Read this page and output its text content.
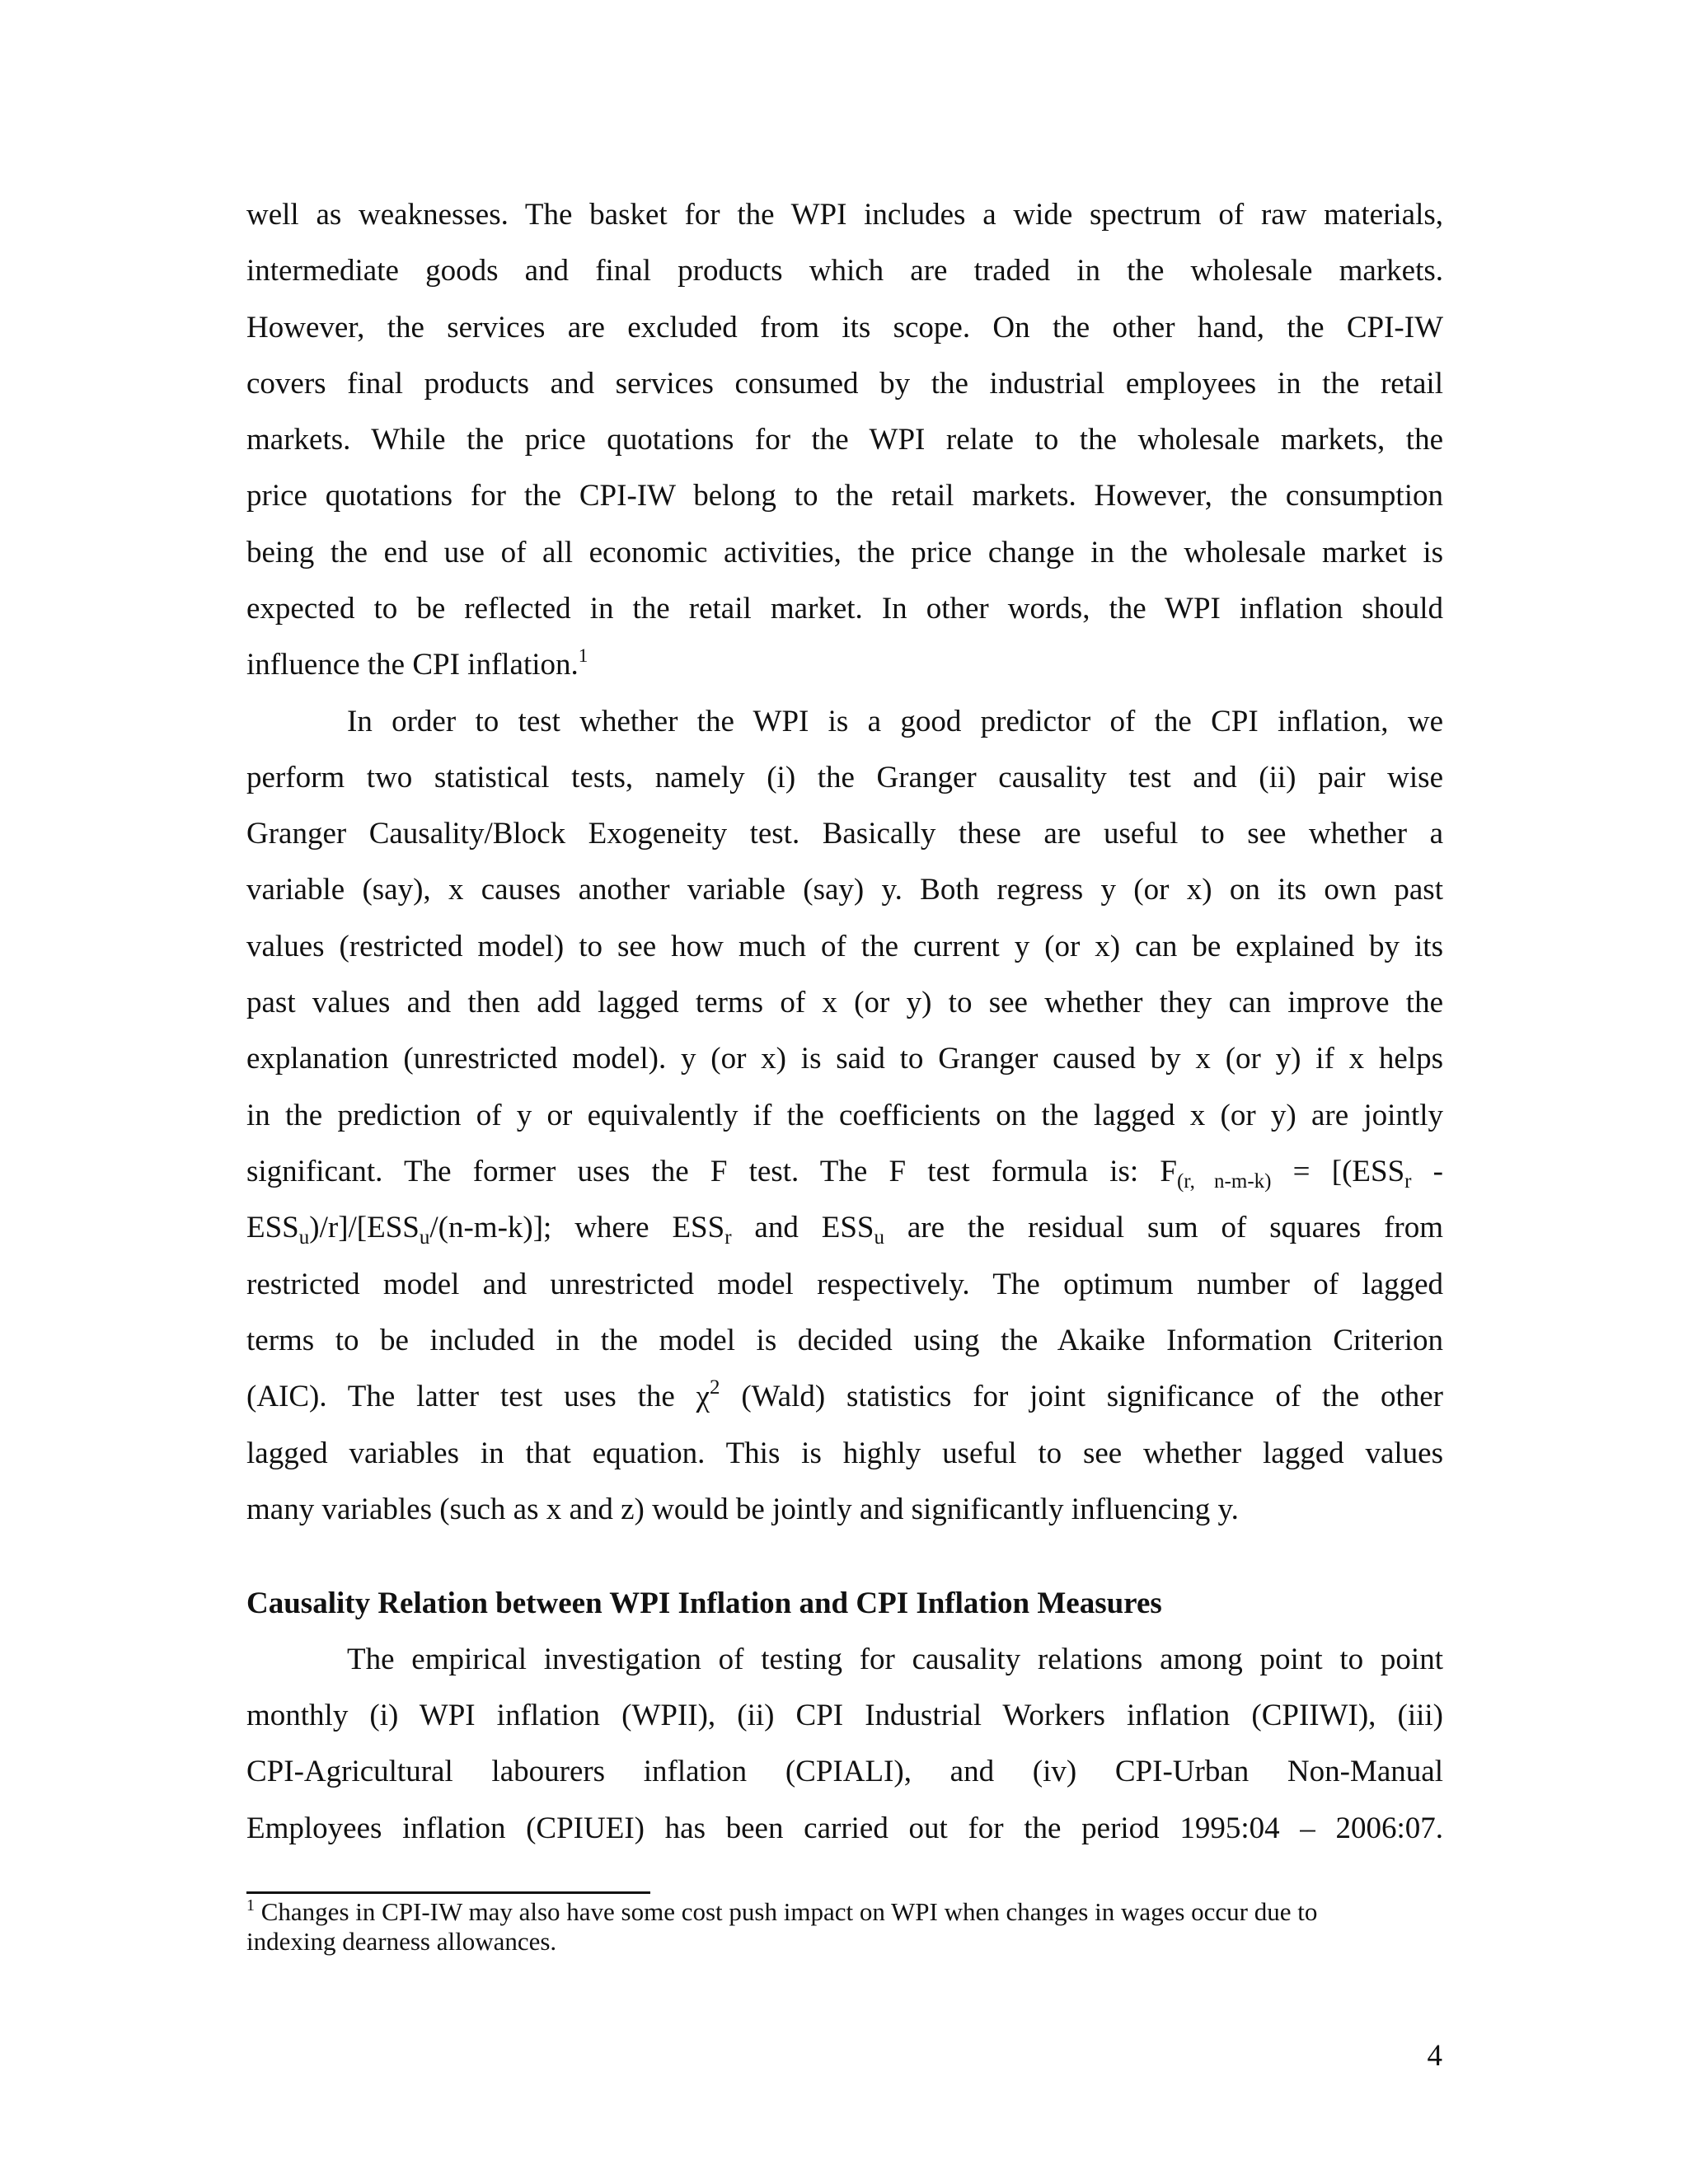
well as weaknesses. The basket for the WPI includes a wide spectrum of raw materials,
intermediate goods and final products which are traded in the wholesale markets.
However, the services are excluded from its scope. On the other hand, the CPI-IW
covers final products and services consumed by the industrial employees in the retail
markets. While the price quotations for the WPI relate to the wholesale markets, the
price quotations for the CPI-IW belong to the retail markets. However, the consumption
being the end use of all economic activities, the price change in the wholesale market is
expected to be reflected in the retail market. In other words, the WPI inflation should
influence the CPI inflation.$^1$
In order to test whether the WPI is a good predictor of the CPI inflation, we
perform two statistical tests, namely (i) the Granger causality test and (ii) pair wise
Granger Causality/Block Exogeneity test. Basically these are useful to see whether a
variable (say), x causes another variable (say) y. Both regress y (or x) on its own past
values (restricted model) to see how much of the current y (or x) can be explained by its
past values and then add lagged terms of x (or y) to see whether they can improve the
explanation (unrestricted model). y (or x) is said to Granger caused by x (or y) if x helps
in the prediction of y or equivalently if the coefficients on the lagged x (or y) are jointly
significant. The former uses the F test. The F test formula is: $F_{(r, n-m-k)} = [(ESS_r$ -
$ESS_u)/r]/[ESS_u/(n-m-k)]$; where $ESS_r$ and $ESS_u$ are the residual sum of squares from
restricted model and unrestricted model respectively. The optimum number of lagged
terms to be included in the model is decided using the Akaike Information Criterion
(AIC). The latter test uses the $\chi^2$ (Wald) statistics for joint significance of the other
lagged variables in that equation. This is highly useful to see whether lagged values
many variables (such as x and z) would be jointly and significantly influencing y.
Causality Relation between WPI Inflation and CPI Inflation Measures
The empirical investigation of testing for causality relations among point to point
monthly (i) WPI inflation (WPII), (ii) CPI Industrial Workers inflation (CPIIWI), (iii)
CPI-Agricultural labourers inflation (CPIALI), and (iv) CPI-Urban Non-Manual
Employees inflation (CPIUEI) has been carried out for the period 1995:04 – 2006:07.
$^1$ Changes in CPI-IW may also have some cost push impact on WPI when changes in wages occur due to
indexing dearness allowances.
4
